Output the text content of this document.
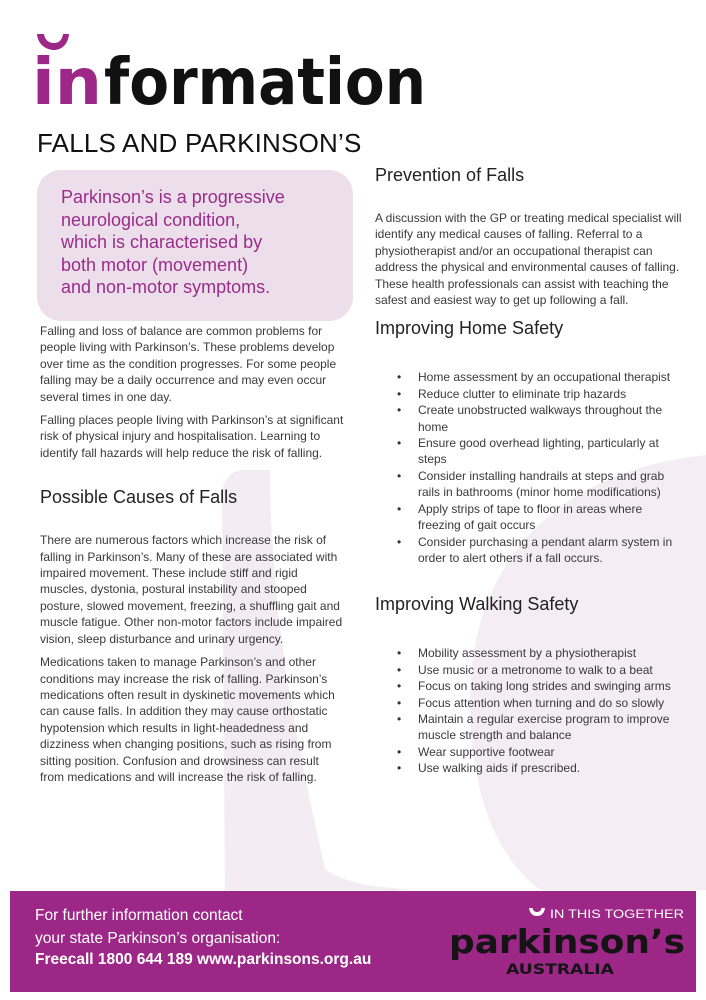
in formation
FALLS AND PARKINSON’S
Parkinson’s is a progressive
neurological condition,
which is characterised by
both motor (movement)
and non-motor symptoms.

Falling and loss of balance are common problems for people living with Parkinson’s. These problems develop over time as the condition progresses. For some people falling may be a daily occurrence and may even occur several times in one day.

Falling places people living with Parkinson’s at significant risk of physical injury and hospitalisation. Learning to identify fall hazards will help reduce the risk of falling.

Possible Causes of Falls

There are numerous factors which increase the risk of falling in Parkinson’s. Many of these are associated with impaired movement. These include stiff and rigid muscles, dystonia, postural instability and stooped posture, slowed movement, freezing, a shuffling gait and muscle fatigue. Other non-motor factors include impaired vision, sleep disturbance and urinary urgency.

Medications taken to manage Parkinson’s and other conditions may increase the risk of falling. Parkinson’s medications often result in dyskinetic movements which can cause falls. In addition they may cause orthostatic hypotension which results in light-headedness and dizziness when changing positions, such as rising from sitting position. Confusion and drowsiness can result from medications and will increase the risk of falling.

Prevention of Falls

A discussion with the GP or treating medical specialist will identify any medical causes of falling. Referral to a physiotherapist and/or an occupational therapist can address the physical and environmental causes of falling. These health professionals can assist with teaching the safest and easiest way to get up following a fall.

Improving Home Safety
• Home assessment by an occupational therapist
• Reduce clutter to eliminate trip hazards
• Create unobstructed walkways throughout the home
• Ensure good overhead lighting, particularly at steps
• Consider installing handrails at steps and grab rails in bathrooms (minor home modifications)
• Apply strips of tape to floor in areas where freezing of gait occurs
• Consider purchasing a pendant alarm system in order to alert others if a fall occurs.
Improving Walking Safety
• Mobility assessment by a physiotherapist
• Use music or a metronome to walk to a beat
• Focus on taking long strides and swinging arms
• Focus attention when turning and do so slowly
• Maintain a regular exercise program to improve muscle strength and balance
• Wear supportive footwear
• Use walking aids if prescribed.
For further information contact
your state Parkinson’s organisation:
Freecall 1800 644 189 www.parkinsons.org.au
IN THIS TOGETHER
parkinson’s
AUSTRALIA
